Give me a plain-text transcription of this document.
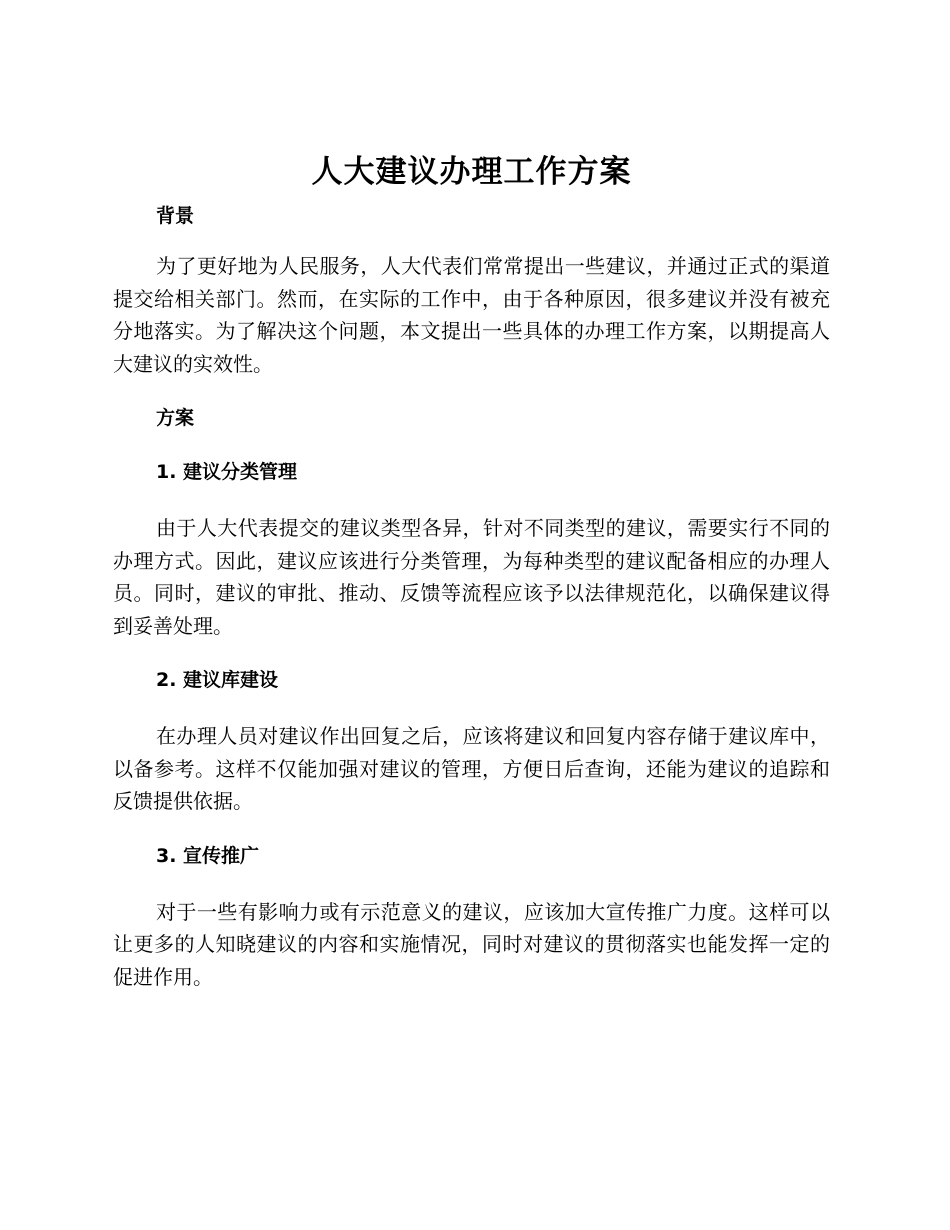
人大建议办理工作方案
背景

为了更好地为人民服务，人大代表们常常提出一些建议，并通过正式的渠道提交给相关部门。然而，在实际的工作中，由于各种原因，很多建议并没有被充分地落实。为了解决这个问题，本文提出一些具体的办理工作方案，以期提高人大建议的实效性。

方案
1. 建议分类管理

由于人大代表提交的建议类型各异，针对不同类型的建议，需要实行不同的办理方式。因此，建议应该进行分类管理，为每种类型的建议配备相应的办理人员。同时，建议的审批、推动、反馈等流程应该予以法律规范化，以确保建议得到妥善处理。

2. 建议库建设

在办理人员对建议作出回复之后，应该将建议和回复内容存储于建议库中，以备参考。这样不仅能加强对建议的管理，方便日后查询，还能为建议的追踪和反馈提供依据。

3. 宣传推广

对于一些有影响力或有示范意义的建议，应该加大宣传推广力度。这样可以让更多的人知晓建议的内容和实施情况，同时对建议的贯彻落实也能发挥一定的促进作用。
